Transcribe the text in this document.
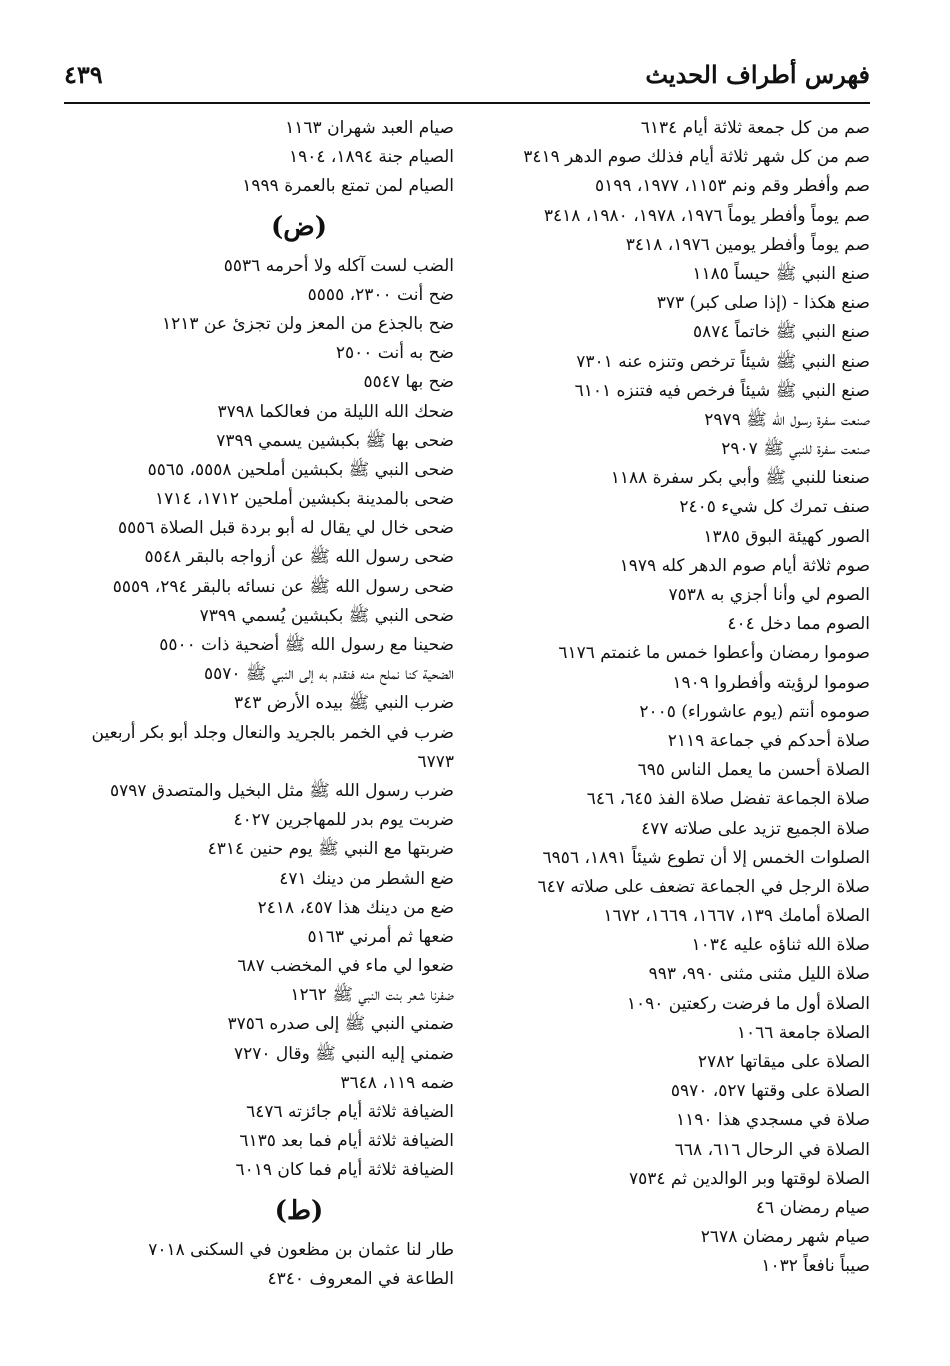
فهرس أطراف الحديث
٤٣٩
صم من كل جمعة ثلاثة أيام ٦١٣٤
صم من كل شهر ثلاثة أيام فذلك صوم الدهر ٣٤١٩
صم وأفطر وقم ونم ١١٥٣، ١٩٧٧، ٥١٩٩
صم يوماً وأفطر يوماً ١٩٧٦، ١٩٧٨، ١٩٨٠، ٣٤١٨
صم يوماً وأفطر يومين ١٩٧٦، ٣٤١٨
صنع النبي ﷺ حيساً ١١٨٥
صنع هكذا - (إذا صلى كبر) ٣٧٣
صنع النبي ﷺ خاتماً ٥٨٧٤
صنع النبي ﷺ شيئاً ترخص وتنزه عنه ٧٣٠١
صنع النبي ﷺ شيئاً فرخص فيه فتنزه ٦١٠١
صنعت سفرة رسول الله ﷺ ٢٩٧٩
صنعت سفرة للنبي ﷺ ٢٩٠٧
صنعنا للنبي ﷺ وأبي بكر سفرة ١١٨٨
صنف تمرك كل شيء ٢٤٠٥
الصور كهيئة البوق ١٣٨٥
صوم ثلاثة أيام صوم الدهر كله ١٩٧٩
الصوم لي وأنا أجزي به ٧٥٣٨
الصوم مما دخل ٤٠٤
صوموا رمضان وأعطوا خمس ما غنمتم ٦١٧٦
صوموا لرؤيته وأفطروا ١٩٠٩
صوموه أنتم (يوم عاشوراء) ٢٠٠٥
صلاة أحدكم في جماعة ٢١١٩
الصلاة أحسن ما يعمل الناس ٦٩٥
صلاة الجماعة تفضل صلاة الفذ ٦٤٥، ٦٤٦
صلاة الجميع تزيد على صلاته ٤٧٧
الصلوات الخمس إلا أن تطوع شيئاً ١٨٩١، ٦٩٥٦
صلاة الرجل في الجماعة تضعف على صلاته ٦٤٧
الصلاة أمامك ١٣٩، ١٦٦٧، ١٦٦٩، ١٦٧٢
صلاة الله ثناؤه عليه ١٠٣٤
صلاة الليل مثنى مثنى ٩٩٠، ٩٩٣
الصلاة أول ما فرضت ركعتين ١٠٩٠
الصلاة جامعة ١٠٦٦
الصلاة على ميقاتها ٢٧٨٢
الصلاة على وقتها ٥٢٧، ٥٩٧٠
صلاة في مسجدي هذا ١١٩٠
الصلاة في الرحال ٦١٦، ٦٦٨
الصلاة لوقتها وبر الوالدين ثم ٧٥٣٤
صيام رمضان ٤٦
صيام شهر رمضان ٢٦٧٨
صيباً نافعاً ١٠٣٢
صيام العبد شهران ١١٦٣
الصيام جنة ١٨٩٤، ١٩٠٤
الصيام لمن تمتع بالعمرة ١٩٩٩
(ض)
الضب لست آكله ولا أحرمه ٥٥٣٦
ضح أنت ٢٣٠٠، ٥٥٥٥
ضح بالجذع من المعز ولن تجزئ عن ١٢١٣
ضح به أنت ٢٥٠٠
ضح بها ٥٥٤٧
ضحك الله الليلة من فعالكما ٣٧٩٨
ضحى بها ﷺ بكبشين يسمي ٧٣٩٩
ضحى النبي ﷺ بكبشين أملحين ٥٥٥٨، ٥٥٦٥
ضحى بالمدينة بكبشين أملحين ١٧١٢، ١٧١٤
ضحى خال لي يقال له أبو بردة قبل الصلاة ٥٥٥٦
ضحى رسول الله ﷺ عن أزواجه بالبقر ٥٥٤٨
ضحى رسول الله ﷺ عن نسائه بالبقر ٢٩٤، ٥٥٥٩
ضحى النبي ﷺ بكبشين يُسمي ٧٣٩٩
ضحينا مع رسول الله ﷺ أضحية ذات ٥٥٠٠
الضحية كنا نملح منه فنقدم به إلى النبي ﷺ ٥٥٧٠
ضرب النبي ﷺ بيده الأرض ٣٤٣
ضرب في الخمر بالجريد والنعال وجلد أبو بكر أربعين ٦٧٧٣
ضرب رسول الله ﷺ مثل البخيل والمتصدق ٥٧٩٧
ضربت يوم بدر للمهاجرين ٤٠٢٧
ضربتها مع النبي ﷺ يوم حنين ٤٣١٤
ضع الشطر من دينك ٤٧١
ضع من دينك هذا ٤٥٧، ٢٤١٨
ضعها ثم أمرني ٥١٦٣
ضعوا لي ماء في المخضب ٦٨٧
ضفرنا شعر بنت النبي ﷺ ١٢٦٢
ضمني النبي ﷺ إلى صدره ٣٧٥٦
ضمني إليه النبي ﷺ وقال ٧٢٧٠
ضمه ١١٩، ٣٦٤٨
الضيافة ثلاثة أيام جائزته ٦٤٧٦
الضيافة ثلاثة أيام فما بعد ٦١٣٥
الضيافة ثلاثة أيام فما كان ٦٠١٩
(ط)
طار لنا عثمان بن مظعون في السكنى ٧٠١٨
الطاعة في المعروف ٤٣٤٠
